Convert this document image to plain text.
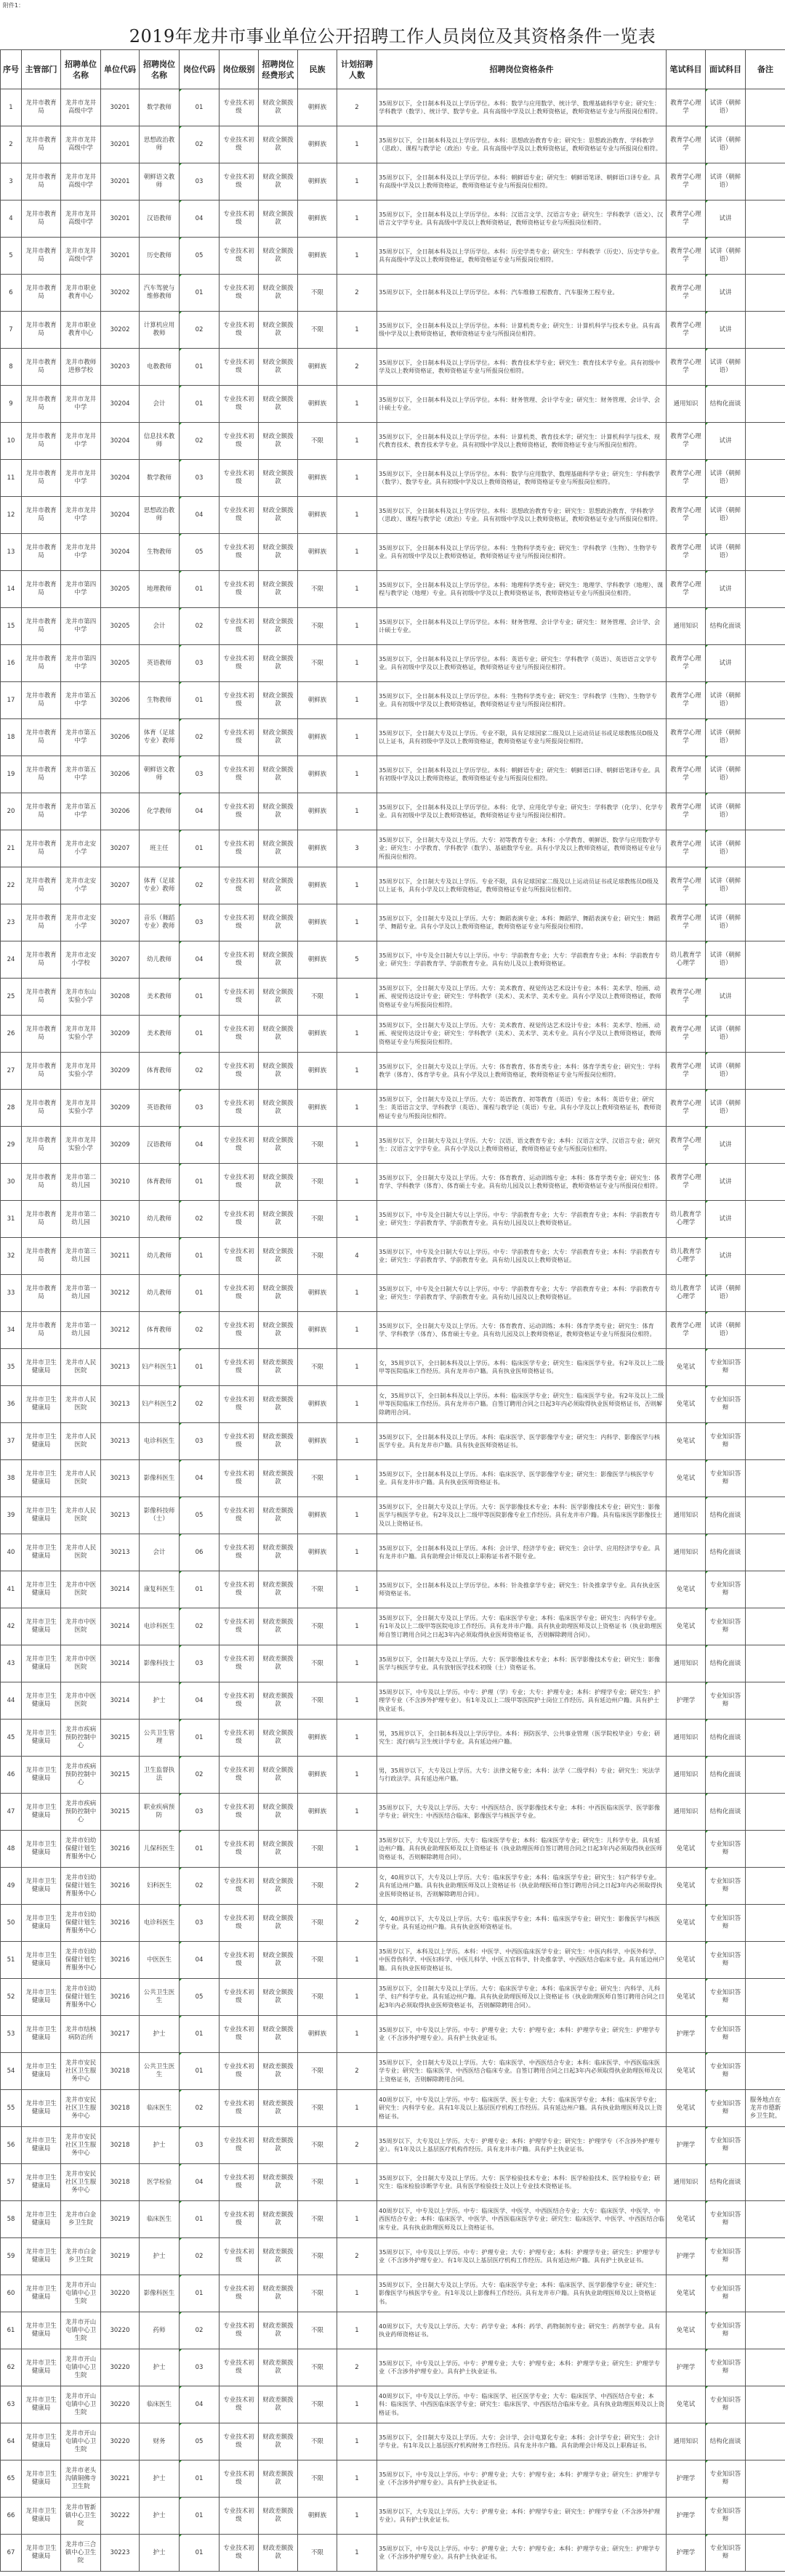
附件1：
2019年龙井市事业单位公开招聘工作人员岗位及其资格条件一览表
序号	主管部门	招聘单位名称	单位代码	招聘岗位名称	岗位代码	岗位级别	招聘岗位经费形式	民族	计划招聘人数	招聘岗位资格条件	笔试科目	面试科目	备注
1	龙井市教育局	龙井市龙井高级中学	30201	数学教师	01	专业技术初级	财政全额拨款	朝鲜族	2	35周岁以下，全日制本科及以上学历学位。本科：数学与应用数学、统计学、数理基础科学专业；研究生：学科教学（数学）、统计学、数学专业。具有高级中学及以上教师资格证，教师资格证专业与所报岗位相符。	教育学心理学	试讲（朝鲜语）	
2	龙井市教育局	龙井市龙井高级中学	30201	思想政治教师	02	专业技术初级	财政全额拨款	朝鲜族	1	35周岁以下，全日制本科及以上学历学位。本科：思想政治教育专业；研究生：思想政治教育、学科教学（思政）、课程与教学论（政治）专业。具有高级中学及以上教师资格证，教师资格证专业与所报岗位相符。	教育学心理学	试讲（朝鲜语）	
3	龙井市教育局	龙井市龙井高级中学	30201	朝鲜语文教师	03	专业技术初级	财政全额拨款	朝鲜族	1	35周岁以下，全日制本科及以上学历学位。本科：朝鲜语专业；研究生：朝鲜语笔译、朝鲜语口译专业。具有高级中学及以上教师资格证，教师资格证专业与所报岗位相符。	教育学心理学	试讲（朝鲜语）	
4	龙井市教育局	龙井市龙井高级中学	30201	汉语教师	04	专业技术初级	财政全额拨款	朝鲜族	1	35周岁以下，全日制本科及以上学历学位。本科：汉语言文学、汉语言专业；研究生：学科教学（语文）、汉语言文字学专业。具有高级中学及以上教师资格证，教师资格证专业与所报岗位相符。	教育学心理学	试讲	
5	龙井市教育局	龙井市龙井高级中学	30201	历史教师	05	专业技术初级	财政全额拨款	朝鲜族	1	35周岁以下，全日制本科及以上学历学位。本科：历史学类专业；研究生：学科教学（历史）、历史学专业。具有高级中学及以上教师资格证，教师资格证专业与所报岗位相符。	教育学心理学	试讲（朝鲜语）	
6	龙井市教育局	龙井市职业教育中心	30202	汽车驾驶与维修教师	01	专业技术初级	财政全额拨款	不限	2	35周岁以下，全日制本科及以上学历学位。本科：汽车维修工程教育、汽车服务工程专业。	教育学心理学	试讲	
7	龙井市教育局	龙井市职业教育中心	30202	计算机应用教师	02	专业技术初级	财政全额拨款	不限	1	35周岁以下，全日制本科及以上学历学位。本科：计算机类专业；研究生：计算机科学与技术专业。具有高级中学及以上教师资格证，教师资格证专业与所报岗位相符。	教育学心理学	试讲	
8	龙井市教育局	龙井市教师进修学校	30203	电教教师	01	专业技术初级	财政全额拨款	朝鲜族	2	35周岁以下，全日制本科及以上学历学位。本科：教育技术学专业；研究生：教育技术学专业。具有初级中学及以上教师资格证，教师资格证专业与所报岗位相符。	教育学心理学	试讲（朝鲜语）	
9	龙井市教育局	龙井市龙井中学	30204	会计	01	专业技术初级	财政全额拨款	朝鲜族	1	35周岁以下，全日制本科及以上学历学位。本科：财务管理、会计学专业；研究生：财务管理、会计学、会计硕士专业。	通用知识	结构化面谈	
10	龙井市教育局	龙井市龙井中学	30204	信息技术教师	02	专业技术初级	财政全额拨款	不限	1	35周岁以下，全日制本科及以上学历学位。本科：计算机类、教育技术学；研究生：计算机科学与技术、现代教育技术、教育技术学专业。具有初级中学及以上教师资格证，教师资格证专业与所报岗位相符。	教育学心理学	试讲	
11	龙井市教育局	龙井市龙井中学	30204	数学教师	03	专业技术初级	财政全额拨款	朝鲜族	1	35周岁以下，全日制本科及以上学历学位。本科：数学与应用数学、数理基础科学专业；研究生：学科教学（数学）、数学专业。具有初级中学及以上教师资格证，教师资格证专业与所报岗位相符。	教育学心理学	试讲（朝鲜语）	
12	龙井市教育局	龙井市龙井中学	30204	思想政治教师	04	专业技术初级	财政全额拨款	朝鲜族	1	35周岁以下，全日制本科及以上学历学位。本科：思想政治教育专业；研究生：思想政治教育、学科教学（思政）、课程与教学论（政治）专业。具有初级中学及以上教师资格证，教师资格证专业与所报岗位相符。	教育学心理学	试讲（朝鲜语）	
13	龙井市教育局	龙井市龙井中学	30204	生物教师	05	专业技术初级	财政全额拨款	朝鲜族	1	35周岁以下，全日制本科及以上学历学位。本科：生物科学类专业；研究生：学科教学（生物）、生物学专业。具有初级中学及以上教师资格证，教师资格证专业与所报岗位相符。	教育学心理学	试讲（朝鲜语）	
14	龙井市教育局	龙井市第四中学	30205	地理教师	01	专业技术初级	财政全额拨款	不限	1	35周岁以下，全日制本科及以上学历学位。本科：地理科学类专业；研究生：地理学、学科教学（地理）、课程与教学论（地理）专业。具有初级中学及以上教师资格证书，教师资格证专业与所报岗位相符。	教育学心理学	试讲	
15	龙井市教育局	龙井市第四中学	30205	会计	02	专业技术初级	财政全额拨款	不限	1	35周岁以下，全日制本科及以上学历学位。本科：财务管理、会计学专业；研究生：财务管理、会计学、会计硕士专业。	通用知识	结构化面谈	
16	龙井市教育局	龙井市第四中学	30205	英语教师	03	专业技术初级	财政全额拨款	不限	1	35周岁以下，全日制本科及以上学历学位。本科：英语专业；研究生：学科教学（英语）、英语语言文学专业。具有初级中学及以上教师资格证，教师资格证专业与所报岗位相符。	教育学心理学	试讲	
17	龙井市教育局	龙井市第五中学	30206	生物教师	01	专业技术初级	财政全额拨款	朝鲜族	1	35周岁以下，全日制本科及以上学历学位。本科：生物科学类专业；研究生：学科教学（生物）、生物学专业。具有初级中学及以上教师资格证，教师资格证专业与所报岗位相符。	教育学心理学	试讲（朝鲜语）	
18	龙井市教育局	龙井市第五中学	30206	体育（足球专业）教师	02	专业技术初级	财政全额拨款	朝鲜族	1	35周岁以下，全日制大专及以上学历。专业不限，具有足球国家二级及以上运动员证书或足球教练员D级及以上证书，具有初级中学及以上教师资格证，教师资格证专业与所报岗位相符。	教育学心理学	试讲（朝鲜语）	
19	龙井市教育局	龙井市第五中学	30206	朝鲜语文教师	03	专业技术初级	财政全额拨款	朝鲜族	1	35周岁以下，全日制本科及以上学历学位。本科：朝鲜语专业；研究生：朝鲜语口译、朝鲜语笔译专业。具有初级中学及以上教师资格证，教师资格证专业与所报岗位相符。	教育学心理学	试讲（朝鲜语）	
20	龙井市教育局	龙井市第五中学	30206	化学教师	04	专业技术初级	财政全额拨款	朝鲜族	1	35周岁以下，全日制本科及以上学历学位。本科：化学、应用化学专业；研究生：学科教学（化学）、化学专业。具有初级中学及以上教师资格证，教师资格证专业与所报岗位相符。	教育学心理学	试讲（朝鲜语）	
21	龙井市教育局	龙井市北安小学	30207	班主任	01	专业技术初级	财政全额拨款	朝鲜族	3	35周岁以下，全日制大专及以上学历。大专：初等教育专业；本科：小学教育、朝鲜语、数学与应用数学专业；研究生：小学教育、学科教学（数学）、基础数学专业。具有小学及以上教师资格证，教师资格证专业与所报岗位相符。	教育学心理学	试讲（朝鲜语）	
22	龙井市教育局	龙井市北安小学	30207	体育（足球专业）教师	02	专业技术初级	财政全额拨款	朝鲜族	1	35周岁以下，全日制大专及以上学历。专业不限，具有足球国家二级及以上运动员证书或足球教练员D级及以上证书，具有小学及以上教师资格证，教师资格证专业与所报岗位相符。	教育学心理学	试讲（朝鲜语）	
23	龙井市教育局	龙井市北安小学	30207	音乐（舞蹈专业）教师	03	专业技术初级	财政全额拨款	朝鲜族	1	35周岁以下，全日制大专及以上学历。大专：舞蹈表演专业；本科：舞蹈学、舞蹈表演专业；研究生：舞蹈学、舞蹈专业。具有小学及以上教师资格证，教师资格证专业与所报岗位相符。	教育学心理学	试讲（朝鲜语）	
24	龙井市教育局	龙井市北安小学校	30207	幼儿教师	04	专业技术初级	财政全额拨款	朝鲜族	5	35周岁以下，中专及全日制大专以上学历。中专：学前教育专业；大专：学前教育专业；本科：学前教育专业；研究生：学前教育学、学前教育专业。具有幼儿及以上教师资格证。	幼儿教育学心理学	试讲（朝鲜语）	
25	龙井市教育局	龙井市东山实验小学	30208	美术教师	01	专业技术初级	财政全额拨款	不限	1	35周岁以下，全日制大专及以上学历。大专：美术教育、视觉传达艺术设计专业；本科：美术学、绘画、动画、视觉传达设计专业；研究生：学科教学（美术）、美术学、美术专业。具有小学及以上教师资格证，教师资格证专业与所报岗位相符。	教育学心理学	试讲	
26	龙井市教育局	龙井市龙井实验小学	30209	美术教师	01	专业技术初级	财政全额拨款	朝鲜族	1	35周岁以下，全日制大专及以上学历。大专：美术教育、视觉传达艺术设计专业；本科：美术学、绘画、动画、视觉传达设计专业；研究生：学科教学（美术）、美术学、美术专业。具有小学及以上教师资格证，教师资格证专业与所报岗位相符。	教育学心理学	试讲（朝鲜语）	
27	龙井市教育局	龙井市龙井实验小学	30209	体育教师	02	专业技术初级	财政全额拨款	朝鲜族	1	35周岁以下，全日制大专及以上学历。大专：体育教育、体育类专业；本科：体育学类专业；研究生：学科教学（体育）、体育学专业。具有小学及以上教师资格证，教师资格证专业与所报岗位相符。	教育学心理学	试讲（朝鲜语）	
28	龙井市教育局	龙井市龙井实验小学	30209	英语教师	03	专业技术初级	财政全额拨款	朝鲜族	1	35周岁以下，全日制大专及以上学历。大专：英语教育、初等教育（英语）专业；本科：英语专业；研究生：英语语言文学、学科教学（英语）、课程与教学论（英语）专业。具有小学及以上教师资格证书，教师资格证专业与所报岗位相符。	教育学心理学	试讲（朝鲜语）	
29	龙井市教育局	龙井市龙井实验小学	30209	汉语教师	04	专业技术初级	财政全额拨款	不限	1	35周岁以下，全日制大专及以上学历。大专：汉语、语文教育专业；本科：汉语言文学、汉语言专业；研究生：汉语言文字学专业。具有小学及以上教师资格证，教师资格证专业与所报岗位相符。	教育学心理学	试讲	
30	龙井市教育局	龙井市第二幼儿园	30210	体育教师	01	专业技术初级	财政全额拨款	不限	1	35周岁以下，全日制大专及以上学历。大专：体育教育、运动训练专业；本科：体育学类专业；研究生：体育学、学科教学（体育）、体育硕士专业。具有幼儿园及以上教师资格证，教师资格证专业与所报岗位相符。	教育学心理学	试讲	
31	龙井市教育局	龙井市第二幼儿园	30210	幼儿教师	02	专业技术初级	财政全额拨款	不限	1	35周岁以下，中专及全日制大专以上学历。中专：学前教育专业；大专：学前教育专业；本科：学前教育专业；研究生：学前教育学、学前教育专业。具有幼儿园及以上教师资格证。	幼儿教育学心理学	试讲	
32	龙井市教育局	龙井市第三幼儿园	30211	幼儿教师	01	专业技术初级	财政全额拨款	不限	4	35周岁以下，中专及全日制大专以上学历。中专：学前教育专业；大专：学前教育专业；本科：学前教育专业；研究生：学前教育学、学前教育专业。具有幼儿园及以上教师资格证。	幼儿教育学心理学	试讲	
33	龙井市教育局	龙井市第一幼儿园	30212	幼儿教师	01	专业技术初级	财政全额拨款	朝鲜族	1	35周岁以下，中专及全日制大专以上学历。中专：学前教育专业；大专：学前教育专业；本科：学前教育专业；研究生：学前教育学、学前教育专业。具有幼儿园及以上教师资格证。	幼儿教育学心理学	试讲（朝鲜语）	
34	龙井市教育局	龙井市第一幼儿园	30212	体育教师	02	专业技术初级	财政全额拨款	朝鲜族	1	35周岁以下，全日制大专及以上学历。大专：体育教育、运动训练；本科：体育学类专业；研究生：体育学、学科教学（体育）、体育硕士专业。具有幼儿园及以上教师资格证，教师资格证专业与所报岗位相符。	教育学心理学	试讲（朝鲜语）	
35	龙井市卫生健康局	龙井市人民医院	30213	妇产科医生1	01	专业技术初级	财政差额拨款	不限	1	女，35周岁以下，全日制本科及以上学历。本科：临床医学专业；研究生：临床医学专业。有2年及以上二级甲等医院临床工作经历。具有龙井市户籍。具有执业医师资格证书。	免笔试	专业知识答辩	
36	龙井市卫生健康局	龙井市人民医院	30213	妇产科医生2	02	专业技术初级	财政差额拨款	朝鲜族	1	女，35周岁以下，全日制本科及以上学历。本科：临床医学专业；研究生：临床医学专业。有2年及以上二级甲等医院临床工作经历。具有龙井市户籍。自签订聘用合同之日起3年内必须取得执业医师资格证书，否则解除聘用合同。	免笔试	专业知识答辩	
37	龙井市卫生健康局	龙井市人民医院	30213	电诊科医生	03	专业技术初级	财政差额拨款	朝鲜族	1	35周岁以下，全日制本科及以上学历。本科：临床医学、医学影像学专业；研究生：内科学、影像医学与核医学专业。具有龙井市户籍。具有执业医师资格证书。	免笔试	专业知识答辩	
38	龙井市卫生健康局	龙井市人民医院	30213	影像科医生	04	专业技术初级	财政差额拨款	不限	1	35周岁以下，全日制本科及以上学历。本科：临床医学、医学影像学专业；研究生：影像医学与核医学专业。具有龙井市户籍。具有执业医师资格证书。	免笔试	专业知识答辩	
39	龙井市卫生健康局	龙井市人民医院	30213	影像科技师（士）	05	专业技术初级	财政差额拨款	朝鲜族	1	35周岁以下，全日制大专及以上学历。大专：医学影像技术专业；本科：医学影像技术专业；研究生：影像医学与核医学专业。有2年及以上二级甲等医院影像专业工作经历。具有龙井市户籍。具有临床医学影像技士及以上资格证书。	通用知识	结构化面谈	
40	龙井市卫生健康局	龙井市人民医院	30213	会计	06	专业技术初级	财政差额拨款	朝鲜族	1	35周岁以下，全日制本科及以上学历。本科：会计学、经济学专业；研究生：会计学、应用经济学专业。具有龙井市户籍。具有助理会计师及以上职称证书者不限专业。	通用知识	结构化面谈	
41	龙井市卫生健康局	龙井市中医医院	30214	康复科医生	01	专业技术初级	财政差额拨款	不限	1	35周岁以下，全日制本科及以上学历学位。本科：针灸推拿学专业；研究生：针灸推拿学专业。具有执业医师资格证书。	免笔试	专业知识答辩	
42	龙井市卫生健康局	龙井市中医医院	30214	电诊科医生	02	专业技术初级	财政差额拨款	不限	1	35周岁以下，全日制大专及以上学历。大专：临床医学专业；本科：临床医学专业；研究生：内科学专业。有1年及以上二级甲等医院电诊工作经历。具有龙井市户籍。具有执业助理医师及以上资格证书（执业助理医师自签订聘用合同之日起3年内必须取得执业医师资格证书，否则解除聘用合同）。	免笔试	专业知识答辩	
43	龙井市卫生健康局	龙井市中医医院	30214	影像科技士	03	专业技术初级	财政差额拨款	不限	1	35周岁以下，全日制大专及以上学历。大专：医学影像技术专业；本科：医学影像技术专业；研究生：影像医学与核医学专业。具有放射医学技术初级（士）资格证书。	通用知识	结构化面谈	
44	龙井市卫生健康局	龙井市中医医院	30214	护士	04	专业技术初级	财政差额拨款	不限	1	35周岁以下，中专及以上学历。中专：护理（学）专业；大专：护理专业；本科：护理学专业；研究生：护理学专业（不含涉外护理专业）。有1年及以上二级甲等医院护士岗位工作经历。具有延边州户籍。具有护士执业证书。	护理学	专业知识答辩	
45	龙井市卫生健康局	龙井市疾病预防控制中心	30215	公共卫生管理	01	专业技术初级	财政全额拨款	朝鲜族	1	男，35周岁以下，全日制本科及以上学历学位。本科：预防医学、公共事业管理（医学院校毕业）专业；研究生：流行病与卫生统计学专业。具有延边州户籍。	通用知识	结构化面谈	
46	龙井市卫生健康局	龙井市疾病预防控制中心	30215	卫生监督执法	02	专业技术初级	财政全额拨款	朝鲜族	1	男，35周岁以下，大专及以上学历。大专：法律文秘专业；本科：法学（二级学科）专业；研究生：宪法学与行政法学。具有延边州户籍。	通用知识	结构化面谈	
47	龙井市卫生健康局	龙井市疾病预防控制中心	30215	职业疾病预防	03	专业技术初级	财政全额拨款	朝鲜族	1	35周岁以下，大专及以上学历。大专：中西医结合、医学影像技术专业；本科：中西医临床医学、医学影像学专业；研究生：中西医结合临床、影像医学与核医学专业。	通用知识	结构化面谈	
48	龙井市卫生健康局	龙井市妇幼保健计划生育服务中心	30216	儿保科医生	01	专业技术初级	财政全额拨款	不限	1	35周岁以下，大专及以上学历。大专：临床医学专业；本科：临床医学专业；研究生：儿科学专业。具有延边州户籍。具有执业助理医师及以上资格证书（执业助理医师自签订聘用合同之日起3年内必须取得执业医师资格证书，否则解除聘用合同）。	免笔试	专业知识答辩	
49	龙井市卫生健康局	龙井市妇幼保健计划生育服务中心	30216	妇科医生	02	专业技术初级	财政全额拨款	不限	2	女，40周岁以下，大专及以上学历。大专：临床医学专业；本科：临床医学专业；研究生：妇产科学专业。具有延边州户籍。具有执业助理医师及以上资格证书（执业助理医师自签订聘用合同之日起3年内必须取得执业医师资格证书，否则解除聘用合同）。	免笔试	专业知识答辩	
50	龙井市卫生健康局	龙井市妇幼保健计划生育服务中心	30216	电诊科医生	03	专业技术初级	财政全额拨款	不限	2	女，40周岁以下，大专及以上学历。大专：临床医学专业；本科：临床医学专业；研究生：影像医学与核医学专业。具有延边州户籍。具有执业医师资格证书。	免笔试	专业知识答辩	
51	龙井市卫生健康局	龙井市妇幼保健计划生育服务中心	30216	中医医生	04	专业技术初级	财政全额拨款	不限	1	35周岁以下，本科及以上学历。本科：中医学、中西医临床医学专业；研究生：中医内科学、中医外科学、中医骨伤科学、中医妇科学、中医儿科学、中医五官科学、针灸推拿学、中西医结合临床专业。具有延边州户籍。具有执业医师资格证书。	免笔试	专业知识答辩	
52	龙井市卫生健康局	龙井市妇幼保健计划生育服务中心	30216	公共卫生医生	05	专业技术初级	财政全额拨款	不限	1	35周岁以下，全日制大专及以上学历。大专：临床医学专业；本科：临床医学专业；研究生：内科学、儿科学、妇产科学专业。具有延边州户籍。具有执业助理医师及以上资格证书（执业助理医师自签订聘用合同之日起3年内必须取得执业医师资格证书，否则解除聘用合同）。	免笔试	专业知识答辩	
53	龙井市卫生健康局	龙井市结核病防治所	30217	护士	01	专业技术初级	财政全额拨款	朝鲜族	1	35周岁以下，中专及以上学历。中专：护理专业；大专：护理专业；本科：护理学专业；研究生：护理学专业（不含涉外护理专业）。具有护士执业证书。	护理学	专业知识答辩	
54	龙井市卫生健康局	龙井市安民社区卫生服务中心	30218	公共卫生医生	01	专业技术初级	财政差额拨款	不限	2	35周岁以下，全日制大专及以上学历。大专：临床医学、中西医结合专业；本科：临床医学、中西医临床医学专业；研究生：临床医学、中西医结合临床专业。自签订聘用合同之日起3年内必须取得执业助理医师及以上资格证书，否则解除聘用合同。	免笔试	专业知识答辩	
55	龙井市卫生健康局	龙井市安民社区卫生服务中心	30218	临床医生	02	专业技术初级	财政差额拨款	不限	1	40周岁以下，中专及以上学历。中专：临床医学、医士专业；大专：临床医学专业；本科：临床医学专业；研究生：内科学专业。具有1年及以上基层医疗机构工作经历。具有延边州户籍。具有执业助理医师及以上资格证书。	免笔试	专业知识答辩	服务地点在龙井市德新乡卫生院。
56	龙井市卫生健康局	龙井市安民社区卫生服务中心	30218	护士	03	专业技术初级	财政差额拨款	不限	2	35周岁以下，大专及以上学历。大专：护理专业；本科：护理学专业；研究生：护理学专（不含涉外护理专业）。有1年及以上基层医疗机构作经历。具有龙井市户籍。具有护士执业证书。	护理学	专业知识答辩	
57	龙井市卫生健康局	龙井市安民社区卫生服务中心	30218	医学检验	04	专业技术初级	财政差额拨款	不限	1	35周岁以下，全日制大专及以上学历。大专：医学检验技术专业；本科：医学检验技术、医学检验专业；研究生：临床检验诊断学专业。具有医学检验技士及以上专业技术资格证书。	通用知识	结构化面谈	
58	龙井市卫生健康局	龙井市白金乡卫生院	30219	临床医生	01	专业技术初级	财政差额拨款	不限	1	40周岁以下，中专及以上学历。中专：临床医学、中医学、中西医结合专业；大专：临床医学、中医学、中西医结合专业；本科：临床医学、中医学、中西医临床医学专业；研究生：临床医学、中医学、中西医结合临床专业。具有执业助理医师及以上资格证书。	免笔试	专业知识答辩	
59	龙井市卫生健康局	龙井市白金乡卫生院	30219	护士	02	专业技术初级	财政差额拨款	不限	2	35周岁以下，中专及以上学历。中专：护理专业；大专：护理专业；本科：护理学专业；研究生：护理学专业（不含涉外护理专业）。有1年及以上基层医疗机构工作经历。具有延边州户籍。具有护士执业证书。	护理学	专业知识答辩	
60	龙井市卫生健康局	龙井市开山屯镇中心卫生院	30220	影像科医生	01	专业技术初级	财政差额拨款	不限	1	35周岁以下，全日制大专及以上学历。大专：临床医学专业；本科：临床医学、医学影像学专业；研究生：影像医学与核医学专业。有1年及以上影像科工作经历。具有龙井市户籍。具有执业助理医师及以上资格证书。	免笔试	专业知识答辩	
61	龙井市卫生健康局	龙井市开山屯镇中心卫生院	30220	药师	02	专业技术初级	财政差额拨款	不限	1	40周岁以下，大专及以上学历。大专：药学专业；本科：药学、药物制剂专业；研究生：药剂学专业。具有执业药师资格证书。	免笔试	专业知识答辩	
62	龙井市卫生健康局	龙井市开山屯镇中心卫生院	30220	护士	03	专业技术初级	财政差额拨款	不限	2	35周岁以下，中专及以上学历。中专：护理专业；大专：护理专业；本科：护理学专业；研究生：护理学专业（不含涉外护理专业）。具有护士执业证书。	护理学	专业知识答辩	
63	龙井市卫生健康局	龙井市开山屯镇中心卫生院	30220	临床医生	04	专业技术初级	财政差额拨款	不限	1	40周岁以下，中专及以上学历。中专：临床医学、社区医学专业；大专：临床医学、中西医结合专业；本科：临床医学、中西医临床医学专业；研究生：临床医学、中西医结合临床专业。具有执业助理医师及以上资格证书。	免笔试	专业知识答辩	
64	龙井市卫生健康局	龙井市开山屯镇中心卫生院	30220	财务	05	专业技术初级	财政差额拨款	不限	1	35周岁以下，全日制大专及以上学历。大专：会计学、会计电算化专业；本科：会计学专业；研究生：会计学专业。有1年及以上基层医疗机构财务工作经历。具有龙井市户籍。具有助理会计师及以上职称证书。	通用知识	结构化面谈	
65	龙井市卫生健康局	龙井市老头沟镇铜佛寺卫生院	30221	护士	01	专业技术初级	财政差额拨款	不限	1	35周岁以下，中专及以上学历。中专：护理专业；大专：护理专业；本科：护理学专业；研究生：护理学专业（不含涉外护理专业）。具有护士执业证书。	护理学	专业知识答辩	
66	龙井市卫生健康局	龙井市智新镇中心卫生院	30222	护士	01	专业技术初级	财政差额拨款	朝鲜族	1	35周岁以下，大专及以上学历。大专：护理专业；本科：护理学专业；研究生：护理学专业（不含涉外护理专业）。具有护士执业证书。	护理学	专业知识答辩	
67	龙井市卫生健康局	龙井市三合镇中心卫生院	30223	护士	01	专业技术初级	财政差额拨款	不限	1	35周岁以下，中专及以上学历。中专：护理专业；大专：护理专业；本科：护理学专业；研究生：护理学专业（不含涉外护理专业）。具有护士执业证书。	护理学	专业知识答辩	
